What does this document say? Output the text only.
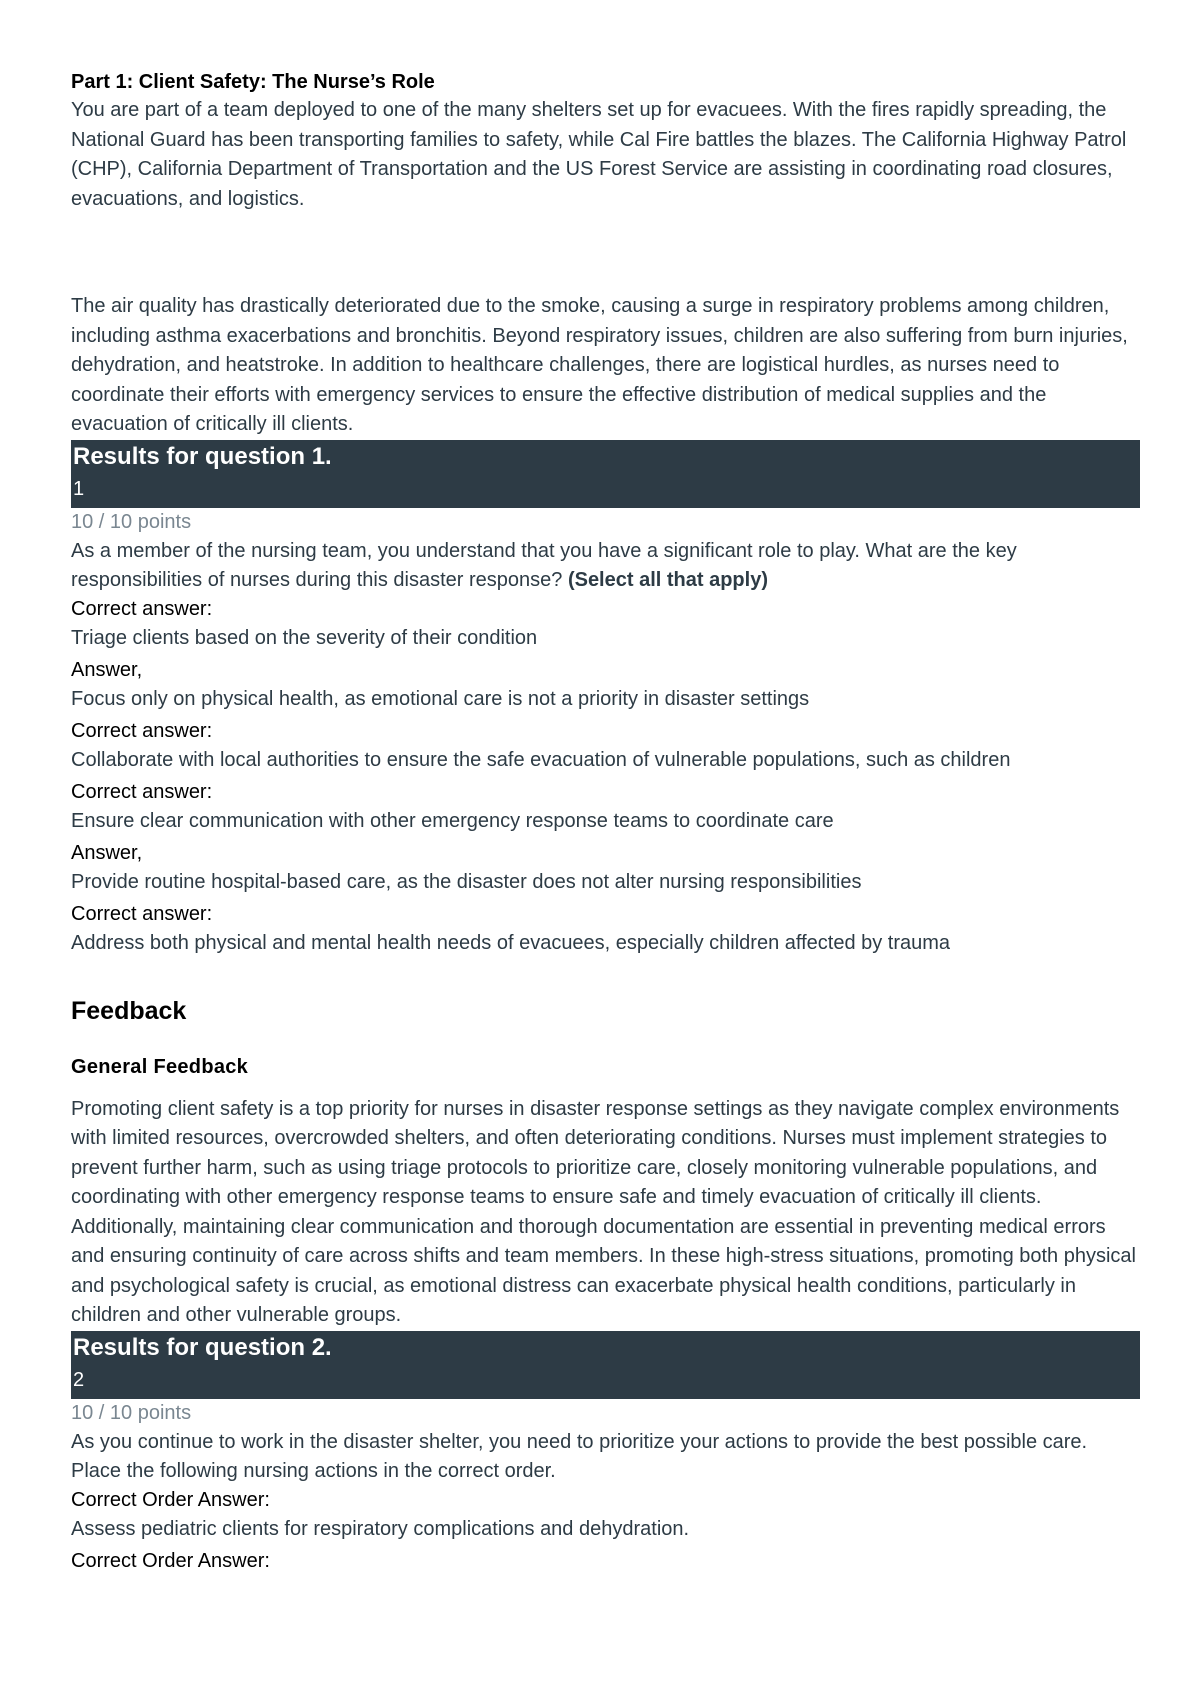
Part 1: Client Safety: The Nurse’s Role

You are part of a team deployed to one of the many shelters set up for evacuees. With the fires rapidly spreading, the National Guard has been transporting families to safety, while Cal Fire battles the blazes. The California Highway Patrol (CHP), California Department of Transportation and the US Forest Service are assisting in coordinating road closures, evacuations, and logistics.

The air quality has drastically deteriorated due to the smoke, causing a surge in respiratory problems among children, including asthma exacerbations and bronchitis. Beyond respiratory issues, children are also suffering from burn injuries, dehydration, and heatstroke. In addition to healthcare challenges, there are logistical hurdles, as nurses need to coordinate their efforts with emergency services to ensure the effective distribution of medical supplies and the evacuation of critically ill clients.

Results for question 1.
1
10 / 10 points
As a member of the nursing team, you understand that you have a significant role to play. What are the key responsibilities of nurses during this disaster response? (Select all that apply)
Correct answer:
Triage clients based on the severity of their condition
Answer,
Focus only on physical health, as emotional care is not a priority in disaster settings
Correct answer:
Collaborate with local authorities to ensure the safe evacuation of vulnerable populations, such as children
Correct answer:
Ensure clear communication with other emergency response teams to coordinate care
Answer,
Provide routine hospital-based care, as the disaster does not alter nursing responsibilities
Correct answer:
Address both physical and mental health needs of evacuees, especially children affected by trauma
Feedback
General Feedback

Promoting client safety is a top priority for nurses in disaster response settings as they navigate complex environments with limited resources, overcrowded shelters, and often deteriorating conditions. Nurses must implement strategies to prevent further harm, such as using triage protocols to prioritize care, closely monitoring vulnerable populations, and coordinating with other emergency response teams to ensure safe and timely evacuation of critically ill clients. Additionally, maintaining clear communication and thorough documentation are essential in preventing medical errors and ensuring continuity of care across shifts and team members. In these high-stress situations, promoting both physical and psychological safety is crucial, as emotional distress can exacerbate physical health conditions, particularly in children and other vulnerable groups.

Results for question 2.
2
10 / 10 points
As you continue to work in the disaster shelter, you need to prioritize your actions to provide the best possible care. Place the following nursing actions in the correct order.
Correct Order Answer:
Assess pediatric clients for respiratory complications and dehydration.
Correct Order Answer:
